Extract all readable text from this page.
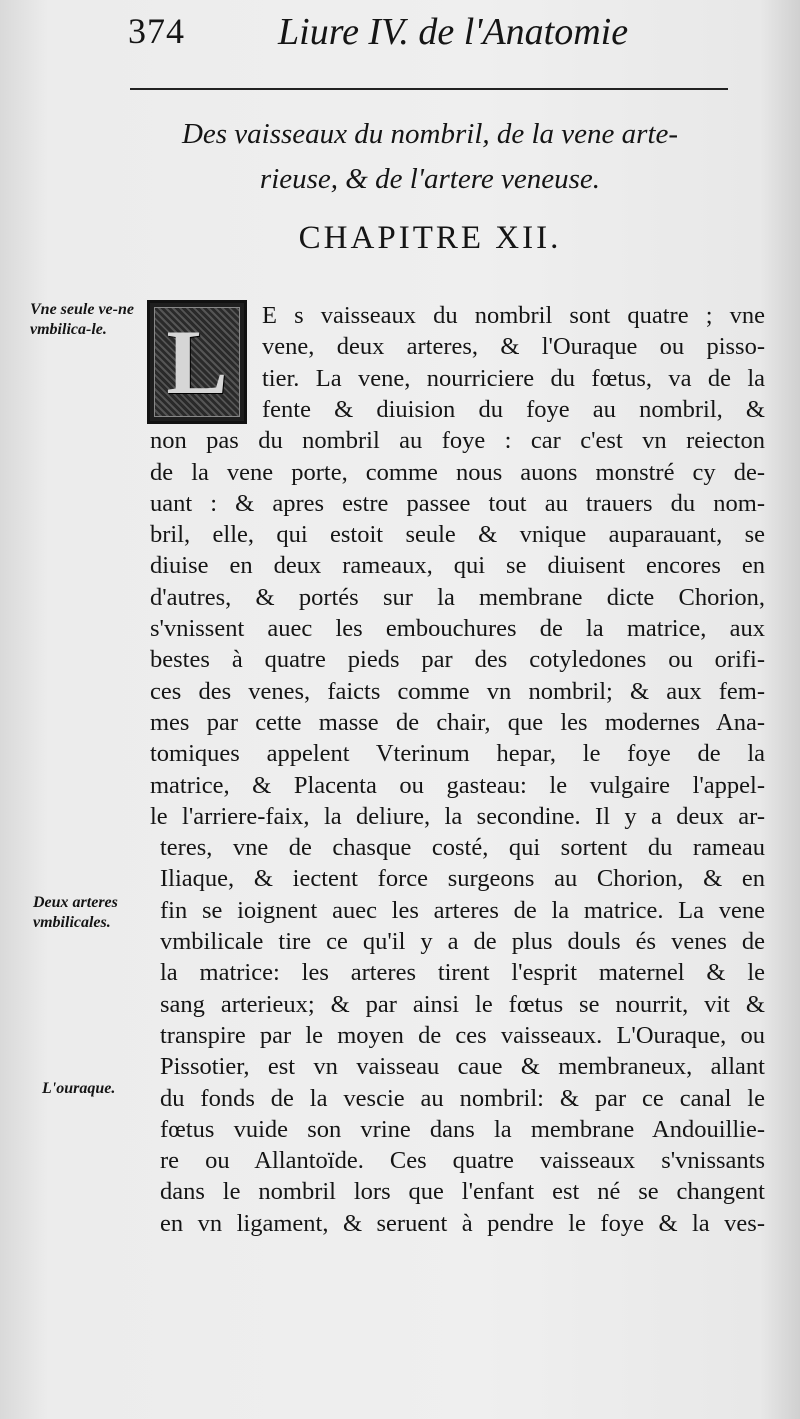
374 Liure IV. de l'Anatomie
Des vaisseaux du nombril, de la vene arte-
rieuse, & de l'artere veneuse.
CHAPITRE XII.
Vne seule ve-ne vmbilica-le.
Deux arteres vmbilicales.
L'ouraque.
L E s vaisseaux du nombril sont quatre ; vne
vene, deux arteres, & l'Ouraque ou pisso-
tier. La vene, nourriciere du fœtus, va de la
fente & diuision du foye au nombril, &
non pas du nombril au foye : car c'est vn reiecton
de la vene porte, comme nous auons monstré cy de-
uant : & apres estre passee tout au trauers du nom-
bril, elle, qui estoit seule & vnique auparauant, se
diuise en deux rameaux, qui se diuisent encores en
d'autres, & portés sur la membrane dicte Chorion,
s'vnissent auec les embouchures de la matrice, aux
bestes à quatre pieds par des cotyledones ou orifi-
ces des venes, faicts comme vn nombril; & aux fem-
mes par cette masse de chair, que les modernes Ana-
tomiques appelent Vterinum hepar, le foye de la
matrice, & Placenta ou gasteau: le vulgaire l'appel-
le l'arriere-faix, la deliure, la secondine. Il y a deux ar-
teres, vne de chasque costé, qui sortent du rameau
Iliaque, & iectent force surgeons au Chorion, & en
fin se ioignent auec les arteres de la matrice. La vene
vmbilicale tire ce qu'il y a de plus douls és venes de
la matrice: les arteres tirent l'esprit maternel & le
sang arterieux; & par ainsi le fœtus se nourrit, vit &
transpire par le moyen de ces vaisseaux. L'Ouraque, ou
Pissotier, est vn vaisseau caue & membraneux, allant
du fonds de la vescie au nombril: & par ce canal le
fœtus vuide son vrine dans la membrane Andouillie-
re ou Allantoïde. Ces quatre vaisseaux s'vnissants
dans le nombril lors que l'enfant est né se changent
en vn ligament, & seruent à pendre le foye & la ves-
